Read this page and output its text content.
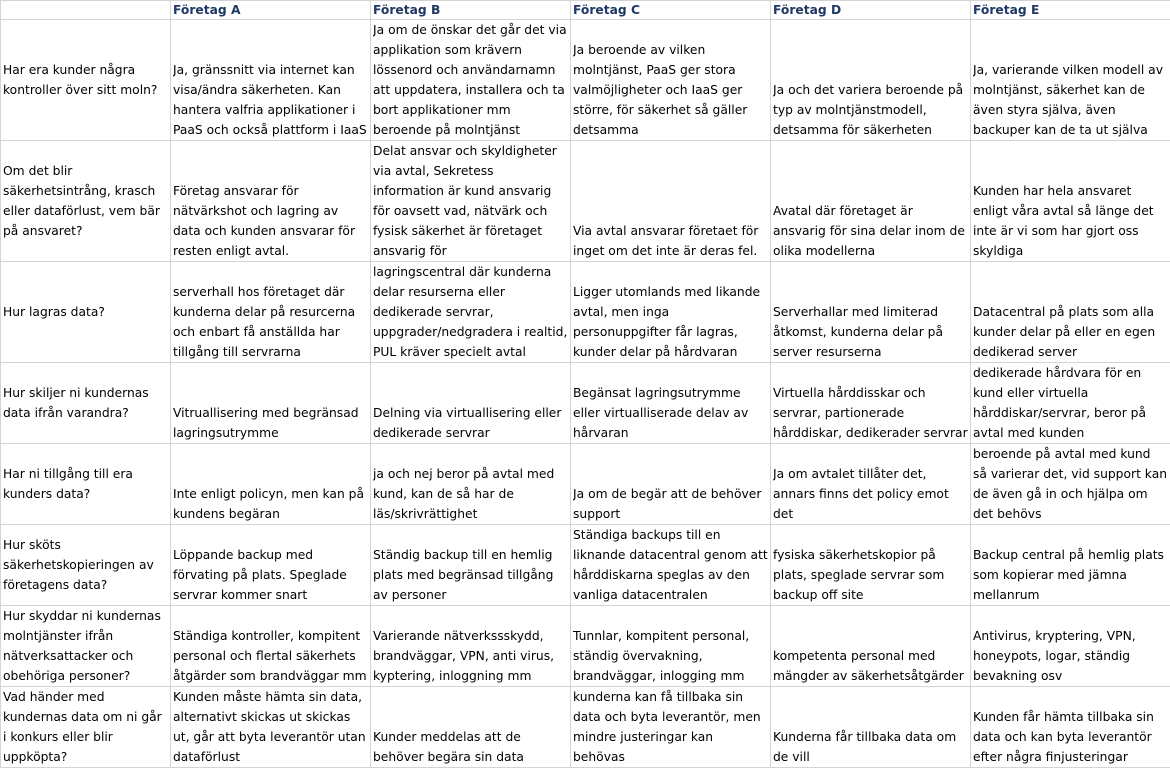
	Företag A	Företag B	Företag C	Företag D	Företag E

Har era kunder några kontroller över sitt moln?	Ja, gränssnitt via internet kan visa/ändra säkerheten. Kan hantera valfria applikationer i PaaS och också plattform i IaaS	Ja om de önskar det går det via applikation som krävern lössenord och användarnamn att uppdatera, installera och ta bort applikationer mm beroende på molntjänst	Ja beroende av vilken molntjänst, PaaS ger stora valmöjligheter och IaaS ger större, för säkerhet så gäller detsamma	Ja och det variera beroende på typ av molntjänstmodell, detsamma för säkerheten	Ja, varierande vilken modell av molntjänst, säkerhet kan de även styra själva, även backuper kan de ta ut själva

Om det blir säkerhetsintrång, krasch eller dataförlust, vem bär på ansvaret?	Företag ansvarar för nätvärkshot och lagring av data och kunden ansvarar för resten enligt avtal.	Delat ansvar och skyldigheter via avtal, Sekretess information är kund ansvarig för oavsett vad, nätvärk och fysisk säkerhet är företaget ansvarig för	Via avtal ansvarar företaet för inget om det inte är deras fel.	Avatal där företaget är ansvarig för sina delar inom de olika modellerna	Kunden har hela ansvaret enligt våra avtal så länge det inte är vi som har gjort oss skyldiga

Hur lagras data?	serverhall hos företaget där kunderna delar på resurcerna och enbart få anställda har tillgång till servrarna	lagringscentral där kunderna delar resurserna eller dedikerade servrar, uppgrader/nedgradera i realtid, PUL kräver specielt avtal	Ligger utomlands med likande avtal, men inga personuppgifter får lagras, kunder delar på hårdvaran	Serverhallar med limiterad åtkomst, kunderna delar på server resurserna	Datacentral på plats som alla kunder delar på eller en egen dedikerad server

Hur skiljer ni kundernas data ifrån varandra?	Vitruallisering med begränsad lagringsutrymme	Delning via virtuallisering eller dedikerade servrar	Begänsat lagringsutrymme eller virtualliserade delav av hårvaran	Virtuella hårddisskar och servrar, partionerade hårddiskar, dedikerader servrar	dedikerade hårdvara för en kund eller virtuella hårddiskar/servrar, beror på avtal med kunden

Har ni tillgång till era kunders data?	Inte enligt policyn, men kan på kundens begäran	ja och nej beror på avtal med kund, kan de så har de läs/skrivrättighet	Ja om de begär att de behöver support	Ja om avtalet tillåter det, annars finns det policy emot det	beroende på avtal med kund så varierar det, vid support kan de även gå in och hjälpa om det behövs

Hur sköts säkerhetskopieringen av företagens data?	Löppande backup med förvating på plats. Speglade servrar kommer snart	Ständig backup till en hemlig plats med begränsad tillgång av personer	Ständiga backups till en liknande datacentral genom att hårddiskarna speglas av den vanliga datacentralen	fysiska säkerhetskopior på plats, speglade servrar som backup off site	Backup central på hemlig plats som kopierar med jämna mellanrum

Hur skyddar ni kundernas molntjänster ifrån nätverksattacker och obehöriga personer?	Ständiga kontroller, kompitent personal och flertal säkerhets åtgärder som brandväggar mm	Varierande nätverkssskydd, brandväggar, VPN, anti virus, kyptering, inloggning mm	Tunnlar, kompitent personal, ständig övervakning, brandväggar, inlogging mm	kompetenta personal med mängder av säkerhetsåtgärder	Antivirus, kryptering, VPN, honeypots, logar, ständig bevakning osv

Vad händer med kundernas data om ni går i konkurs eller blir uppköpta?	Kunden måste hämta sin data, alternativt skickas ut skickas ut, går att byta leverantör utan dataförlust	Kunder meddelas att de behöver begära sin data	kunderna kan få tillbaka sin data och byta leverantör, men mindre justeringar kan behövas	Kunderna får tillbaka data om de vill	Kunden får hämta tillbaka sin data och kan byta leverantör efter några finjusteringar
